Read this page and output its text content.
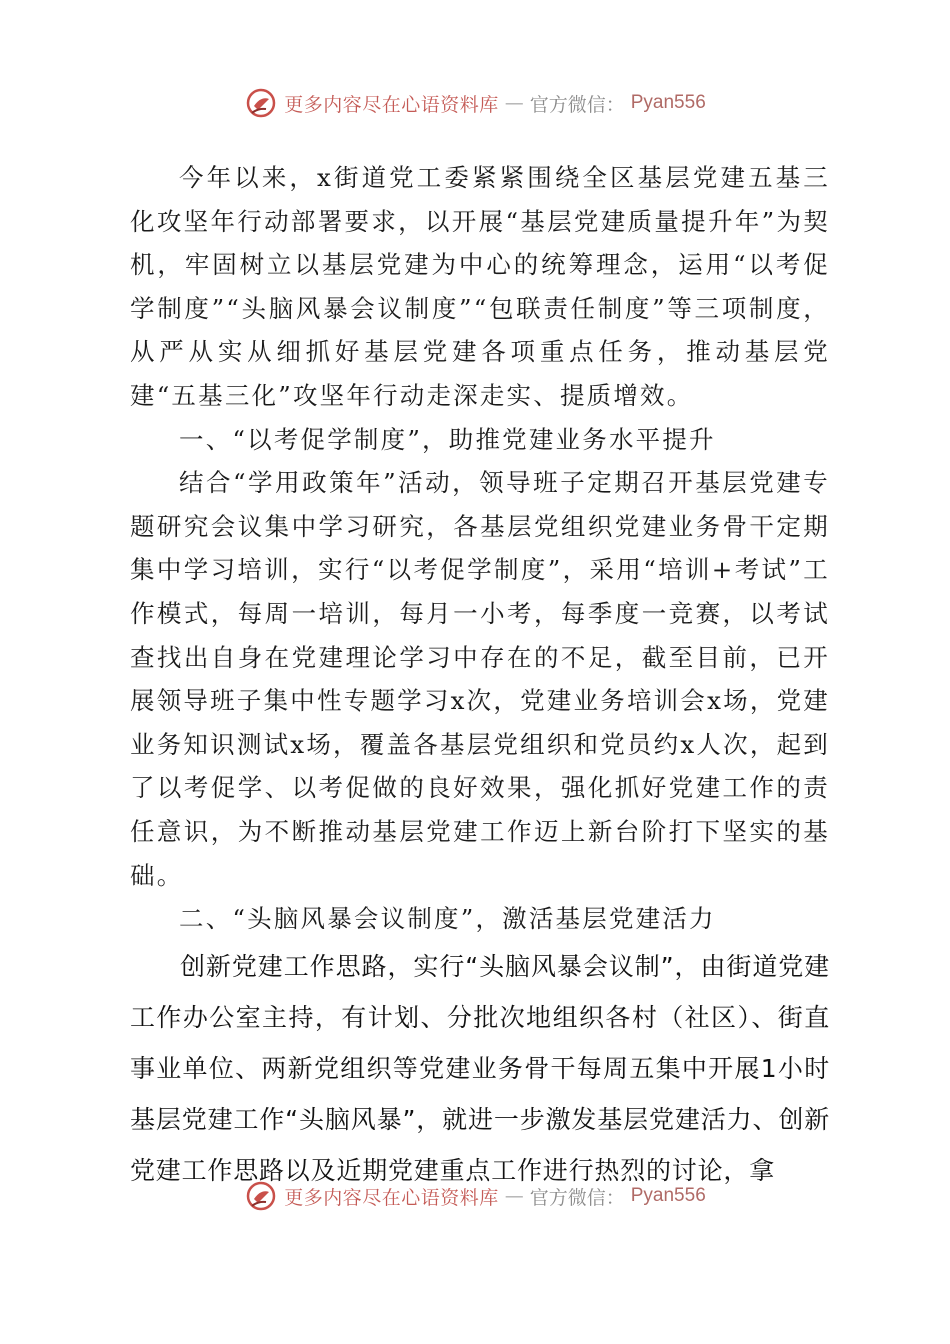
更多内容尽在心语资料库 — 官方微信： Pyan556

今年以来，x街道党工委紧紧围绕全区基层党建五基三化攻坚年行动部署要求，以开展“基层党建质量提升年”为契机，牢固树立以基层党建为中心的统筹理念，运用“以考促学制度”“头脑风暴会议制度”“包联责任制度”等三项制度，从严从实从细抓好基层党建各项重点任务，推动基层党建“五基三化”攻坚年行动走深走实、提质增效。

一、“以考促学制度”，助推党建业务水平提升

结合“学用政策年”活动，领导班子定期召开基层党建专题研究会议集中学习研究，各基层党组织党建业务骨干定期集中学习培训，实行“以考促学制度”，采用“培训+考试”工作模式，每周一培训，每月一小考，每季度一竞赛，以考试查找出自身在党建理论学习中存在的不足，截至目前，已开展领导班子集中性专题学习x次，党建业务培训会x场，党建业务知识测试x场，覆盖各基层党组织和党员约x人次，起到了以考促学、以考促做的良好效果，强化抓好党建工作的责任意识，为不断推动基层党建工作迈上新台阶打下坚实的基础。

二、“头脑风暴会议制度”，激活基层党建活力

创新党建工作思路，实行“头脑风暴会议制”，由街道党建工作办公室主持，有计划、分批次地组织各村（社区）、街直事业单位、两新党组织等党建业务骨干每周五集中开展1小时基层党建工作“头脑风暴”，就进一步激发基层党建活力、创新党建工作思路以及近期党建重点工作进行热烈的讨论，拿

更多内容尽在心语资料库 — 官方微信： Pyan556
